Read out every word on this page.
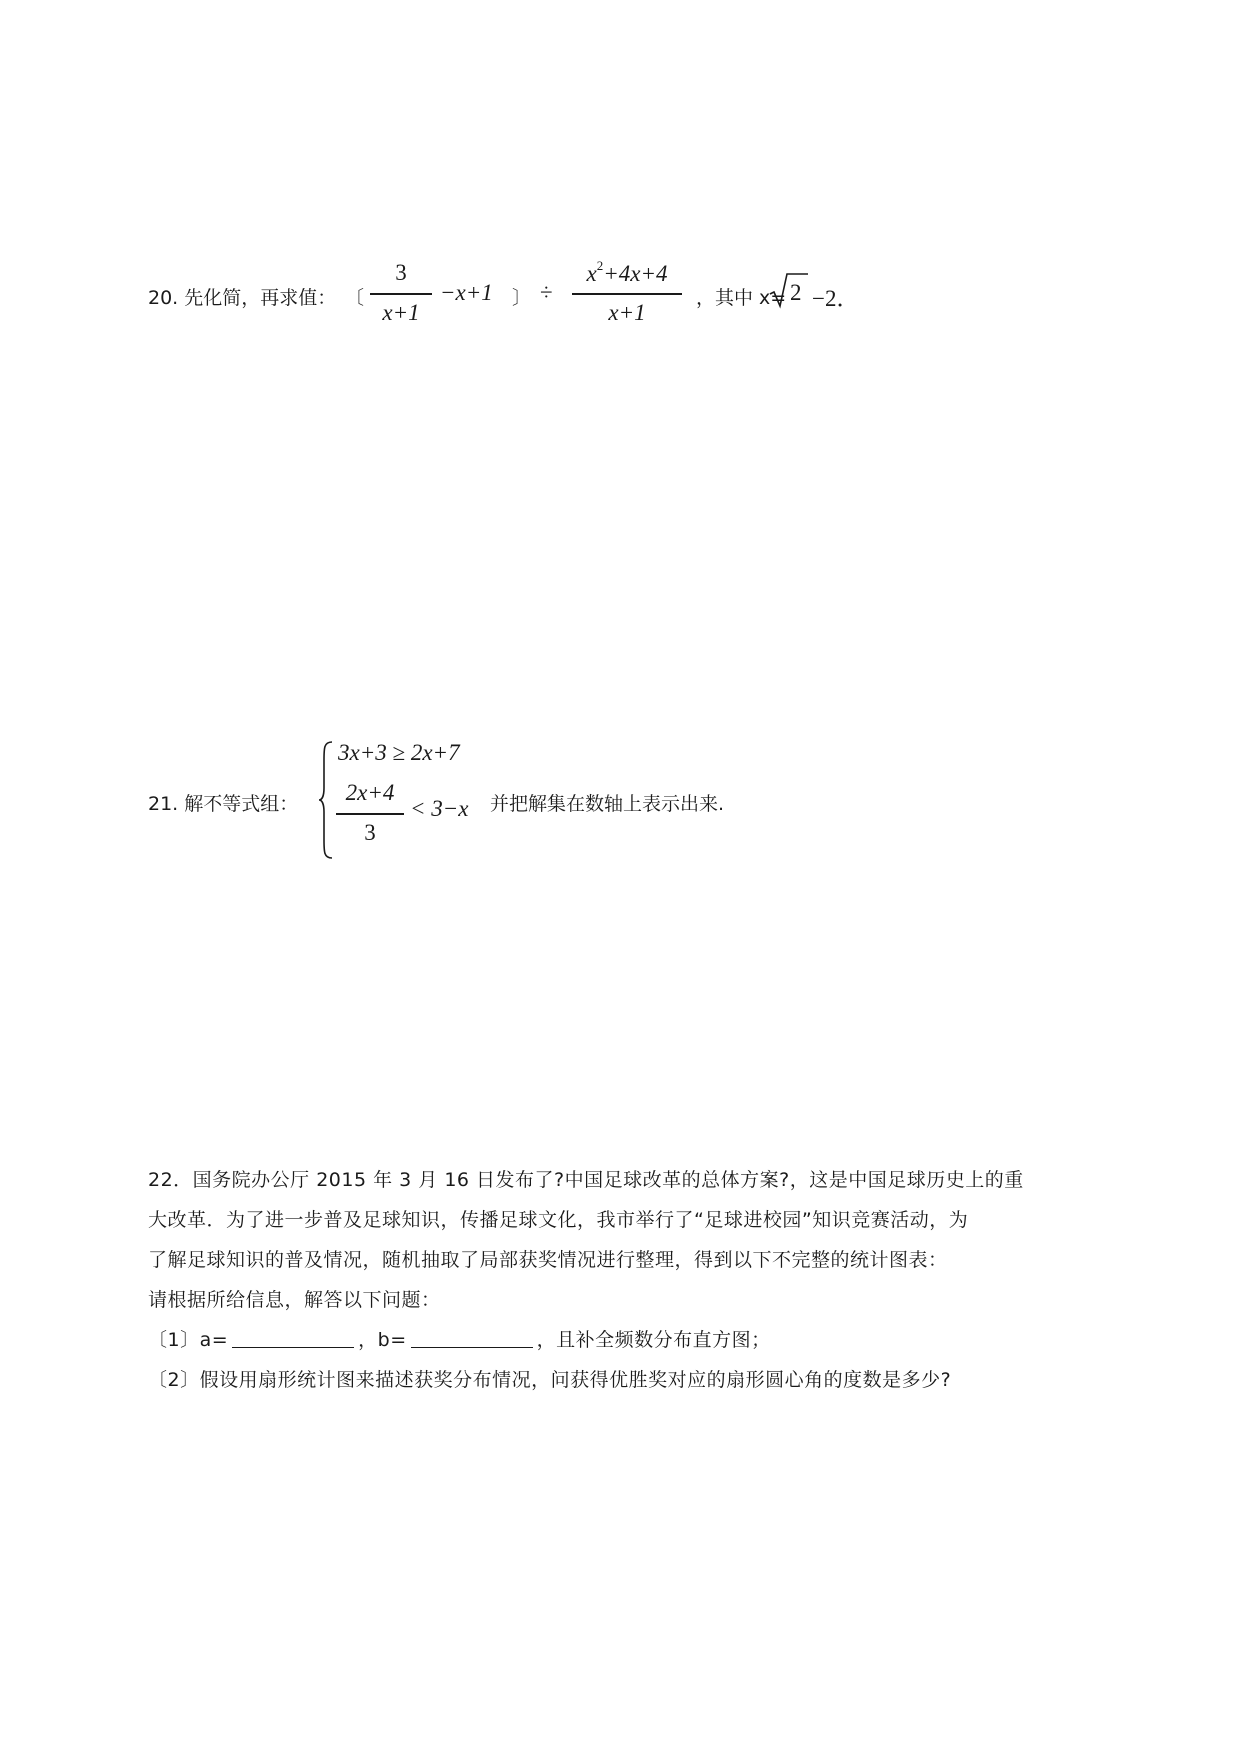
20. 先化简，再求值： 〔
3
x+1
−x+1 〕 ÷
$x^2+4x+4$
x+1
，其中 x= 2 −2．
21. 解不等式组：
3x+3 ≥ 2x+7
2x+4
3
< 3−x 并把解集在数轴上表示出来.

22．国务院办公厅 2015 年 3 月 16 日发布了?中国足球改革的总体方案?，这是中国足球历史上的重

大改革．为了进一步普及足球知识，传播足球文化，我市举行了“足球进校园”知识竞赛活动，为

了解足球知识的普及情况，随机抽取了局部获奖情况进行整理，得到以下不完整的统计图表：

请根据所给信息，解答以下问题：

〔1〕a=	，b=	，且补全频数分布直方图；

〔2〕假设用扇形统计图来描述获奖分布情况，问获得优胜奖对应的扇形圆心角的度数是多少?
